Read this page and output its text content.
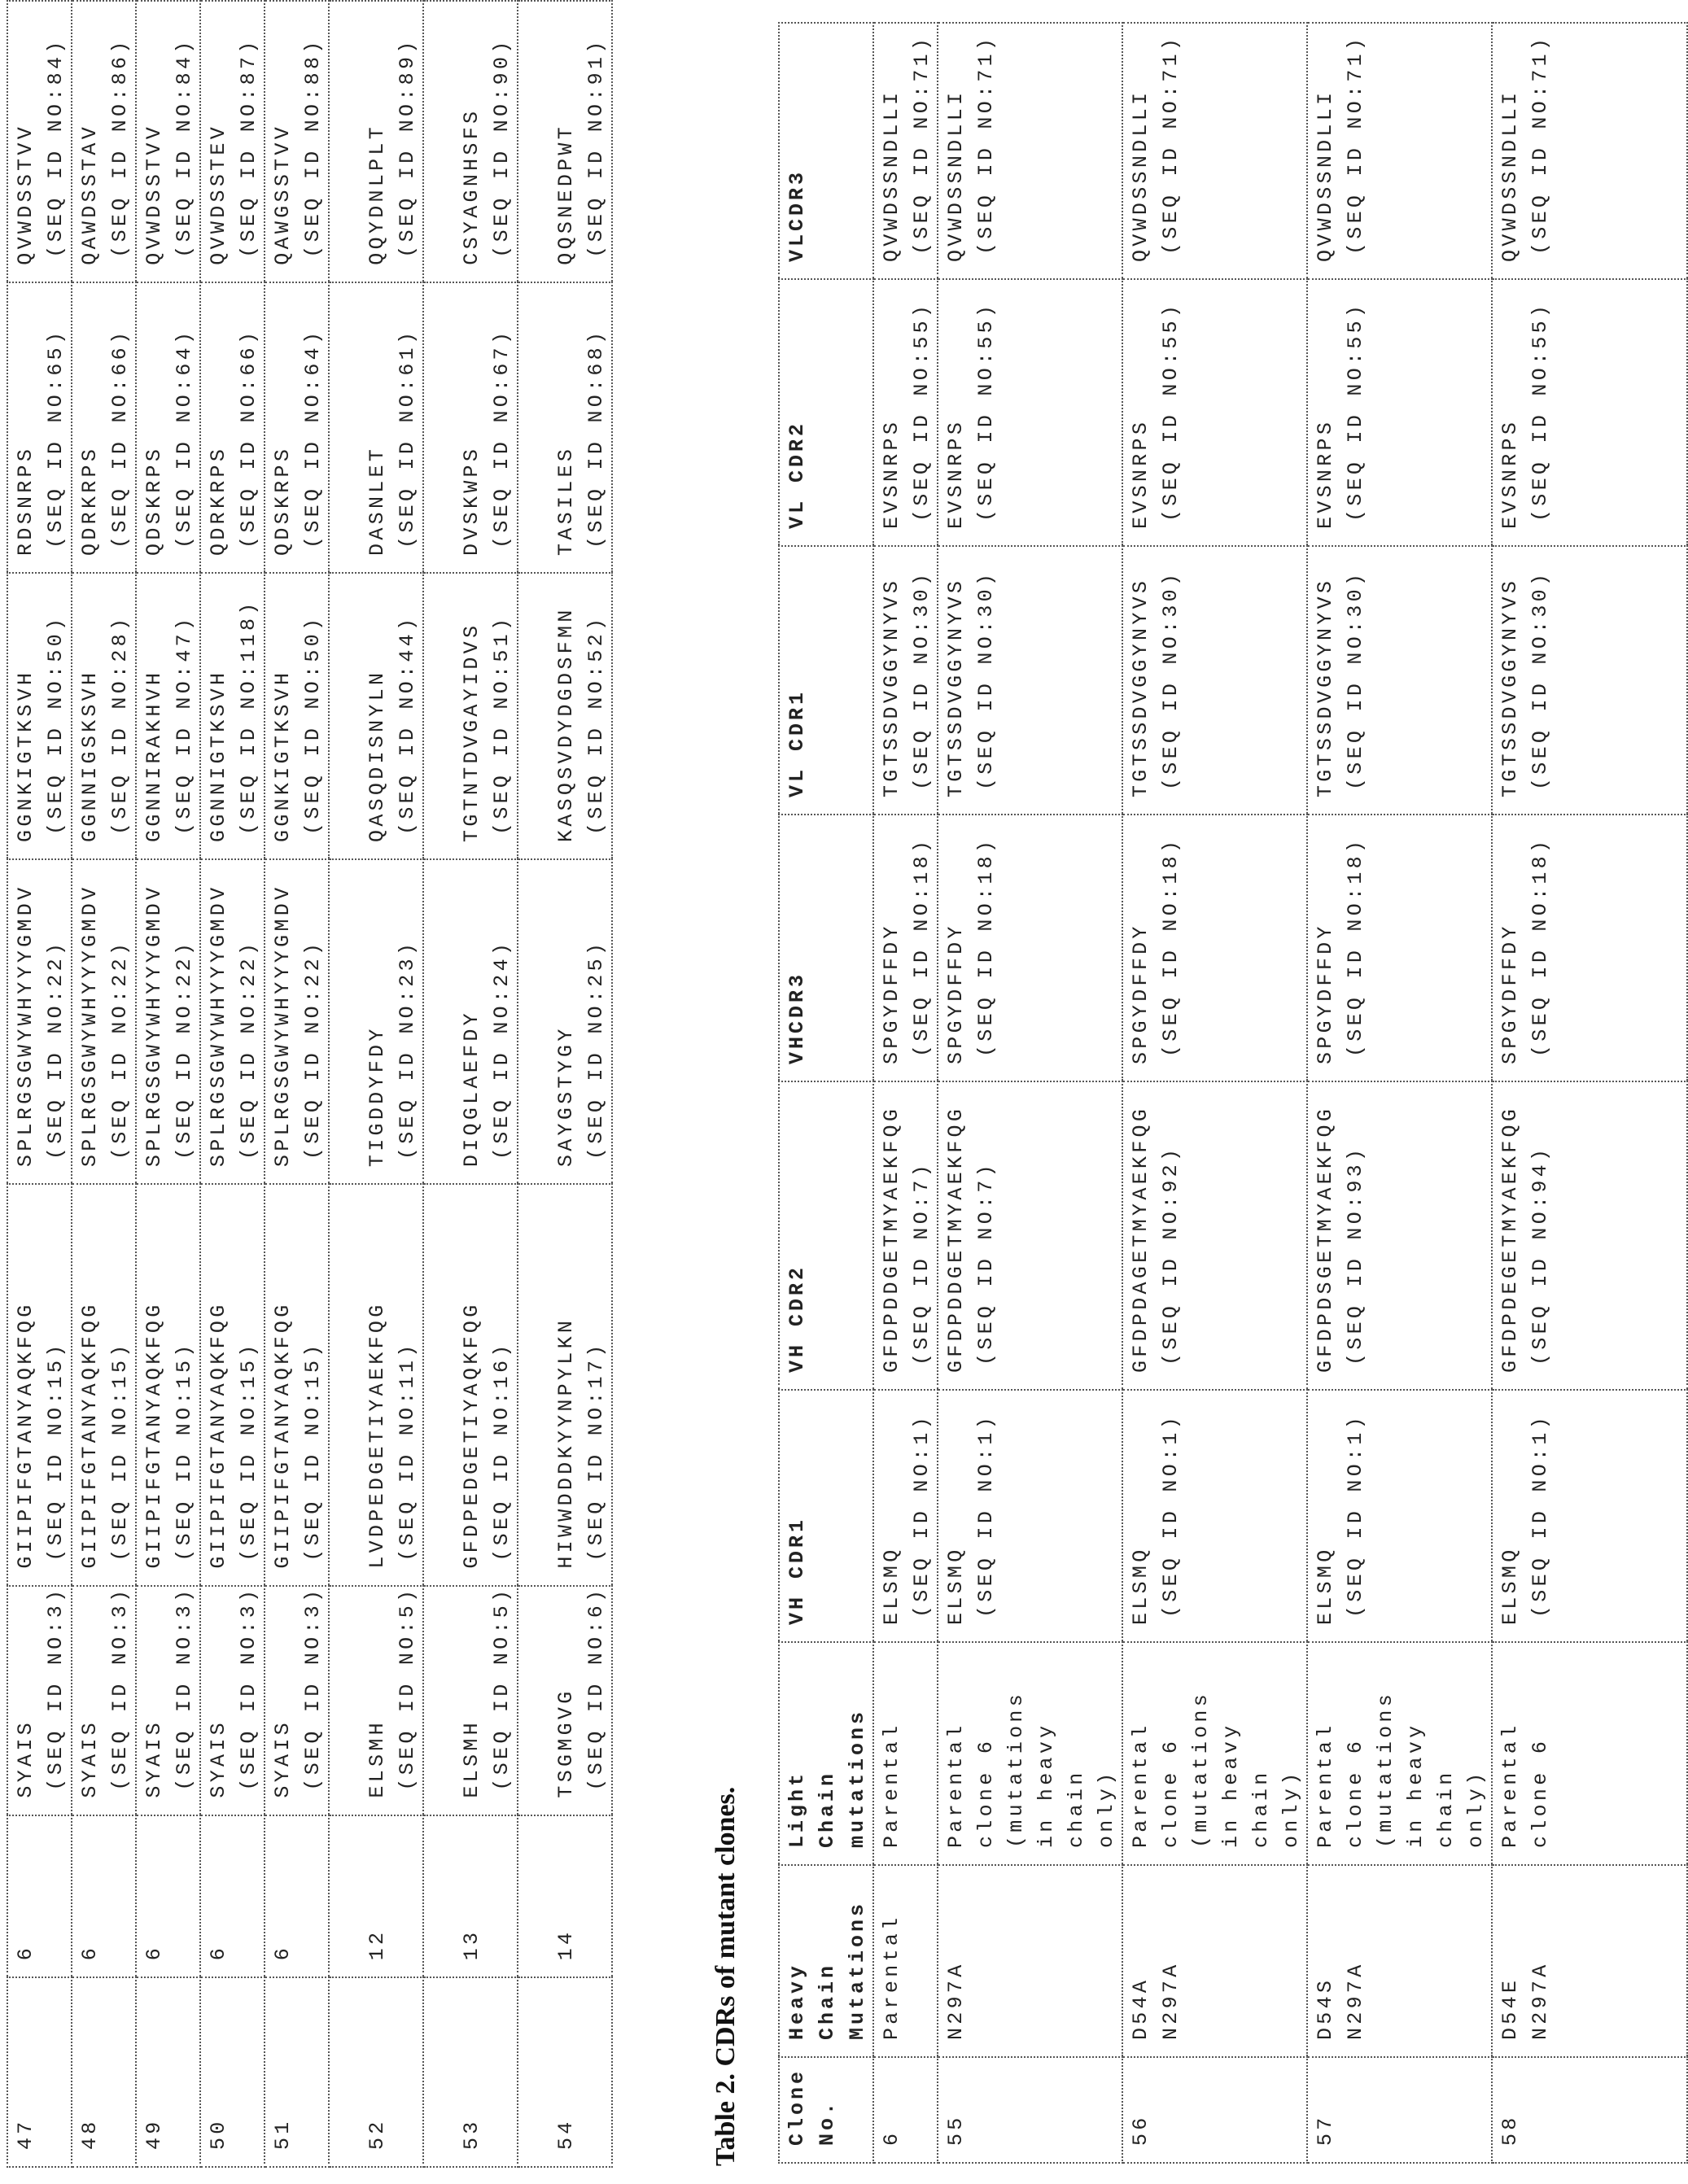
47

6

SYAIS (SEQ ID NO:3)

GIIPIFGTANYAQKFQG (SEQ ID NO:15)

SPLRGSGWYWHYYYGMDV (SEQ ID NO:22)

GGNKIGTKSVH (SEQ ID NO:50)

RDSNRPS (SEQ ID NO:65)

QVWDSSTVV (SEQ ID NO:84)

48

6

SYAIS (SEQ ID NO:3)

GIIPIFGTANYAQKFQG (SEQ ID NO:15)

SPLRGSGWYWHYYYGMDV (SEQ ID NO:22)

GGNNIGSKSVH (SEQ ID NO:28)

QDRKRPS (SEQ ID NO:66)

QAWDSSTAV (SEQ ID NO:86)

49

6

SYAIS (SEQ ID NO:3)

GIIPIFGTANYAQKFQG (SEQ ID NO:15)

SPLRGSGWYWHYYYGMDV (SEQ ID NO:22)

GGNNIRAKHVH (SEQ ID NO:47)

QDSKRPS (SEQ ID NO:64)

QVWDSSTVV (SEQ ID NO:84)

50

6

SYAIS (SEQ ID NO:3)

GIIPIFGTANYAQKFQG (SEQ ID NO:15)

SPLRGSGWYWHYYYGMDV (SEQ ID NO:22)

GGNNIGTKSVH (SEQ ID NO:118)

QDRKRPS (SEQ ID NO:66)

QVWDSSTEV (SEQ ID NO:87)

51

6

SYAIS (SEQ ID NO:3)

GIIPIFGTANYAQKFQG (SEQ ID NO:15)

SPLRGSGWYWHYYYGMDV (SEQ ID NO:22)

GGNKIGTKSVH (SEQ ID NO:50)

QDSKRPS (SEQ ID NO:64)

QAWGSSTVV (SEQ ID NO:88)

52

12

ELSMH (SEQ ID NO:5)

LVDPEDGETIYAEKFQG (SEQ ID NO:11)

TIGDDYFDY (SEQ ID NO:23)

QASQDISNYLN (SEQ ID NO:44)

DASNLET (SEQ ID NO:61)

QQYDNLPLT (SEQ ID NO:89)

53

13

ELSMH (SEQ ID NO:5)

GFDPEDGETIYAQKFQG (SEQ ID NO:16)

DIQGLAEFDY (SEQ ID NO:24)

TGTNTDVGAYIDVS (SEQ ID NO:51)

DVSKWPS (SEQ ID NO:67)

CSYAGNHSFS (SEQ ID NO:90)

54

14

TSGMGVG (SEQ ID NO:6)

HIWWDDDKYYNPYLKN (SEQ ID NO:17)

SAYGSTYGY (SEQ ID NO:25)

KASQSVDYDGDSFMN (SEQ ID NO:52)

TASILES (SEQ ID NO:68)

QQSNEDPWT (SEQ ID NO:91)
Table 2. CDRs of mutant clones. Clone No.

Heavy Chain Mutations

Light Chain mutations

VH CDR1

VH CDR2

VHCDR3

VL CDR1

VL CDR2

VLCDR3

6

Parental

Parental

ELSMQ (SEQ ID NO:1)

GFDPDDGETMYAEKFQG (SEQ ID NO:7)

SPGYDFFDY (SEQ ID NO:18)

TGTSSDVGGYNYVS (SEQ ID NO:30)

EVSNRPS (SEQ ID NO:55)

QVWDSSNDLLI (SEQ ID NO:71)

55

N297A

Parental clone 6 (mutations in heavy chain only)

ELSMQ (SEQ ID NO:1)

GFDPDDGETMYAEKFQG (SEQ ID NO:7)

SPGYDFFDY (SEQ ID NO:18)

TGTSSDVGGYNYVS (SEQ ID NO:30)

EVSNRPS (SEQ ID NO:55)

QVWDSSNDLLI (SEQ ID NO:71)

56

D54A N297A

Parental clone 6 (mutations in heavy chain only)

ELSMQ (SEQ ID NO:1)

GFDPDAGETMYAEKFQG (SEQ ID NO:92)

SPGYDFFDY (SEQ ID NO:18)

TGTSSDVGGYNYVS (SEQ ID NO:30)

EVSNRPS (SEQ ID NO:55)

QVWDSSNDLLI (SEQ ID NO:71)

57

D54S N297A

Parental clone 6 (mutations in heavy chain only)

ELSMQ (SEQ ID NO:1)

GFDPDSGETMYAEKFQG (SEQ ID NO:93)

SPGYDFFDY (SEQ ID NO:18)

TGTSSDVGGYNYVS (SEQ ID NO:30)

EVSNRPS (SEQ ID NO:55)

QVWDSSNDLLI (SEQ ID NO:71)

58

D54E N297A

Parental clone 6

ELSMQ (SEQ ID NO:1)

GFDPDEGETMYAEKFQG (SEQ ID NO:94)

SPGYDFFDY (SEQ ID NO:18)

TGTSSDVGGYNYVS (SEQ ID NO:30)

EVSNRPS (SEQ ID NO:55)

QVWDSSNDLLI (SEQ ID NO:71)
